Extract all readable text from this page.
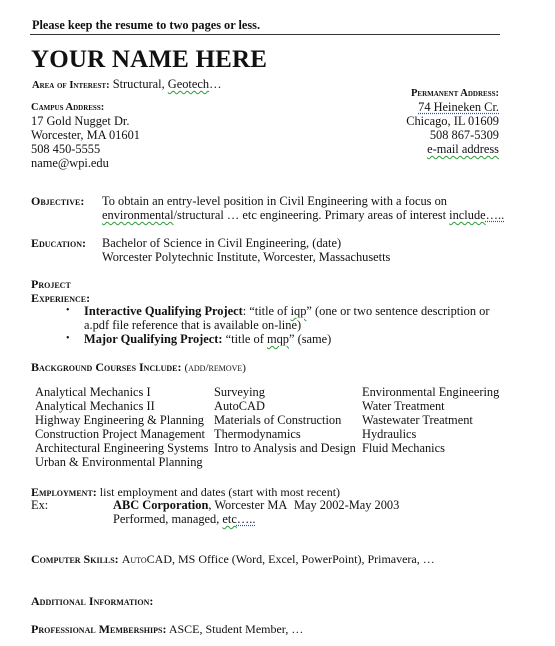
Please keep the resume to two pages or less.
YOUR NAME HERE
Area of Interest: Structural, Geotech…
Campus Address:
17 Gold Nugget Dr.
Worcester, MA 01601
508 450-5555
name@wpi.edu
Permanent Address:
74 Heineken Cr.
Chicago, IL 01609
508 867-5309
e-mail address
Objective: To obtain an entry-level position in Civil Engineering with a focus on
environmental/structural … etc engineering. Primary areas of interest include…..
Education: Bachelor of Science in Civil Engineering, (date)
Worcester Polytechnic Institute, Worcester, Massachusetts
Project
Experience:
• Interactive Qualifying Project: “title of iqp” (one or two sentence description or
a.pdf file reference that is available on-line)
• Major Qualifying Project: “title of mqp” (same)
Background Courses Include: (add/remove)
Analytical Mechanics I
Analytical Mechanics II
Highway Engineering & Planning
Construction Project Management
Architectural Engineering Systems
Urban & Environmental Planning
Surveying
AutoCAD
Materials of Construction
Thermodynamics
Intro to Analysis and Design
Environmental Engineering
Water Treatment
Wastewater Treatment
Hydraulics
Fluid Mechanics
Employment: list employment and dates (start with most recent)
Ex:	ABC Corporation, Worcester MA May 2002-May 2003
Performed, managed, etc…..
Computer Skills: AutoCAD, MS Office (Word, Excel, PowerPoint), Primavera, …
Additional Information:
Professional Memberships: ASCE, Student Member, …
